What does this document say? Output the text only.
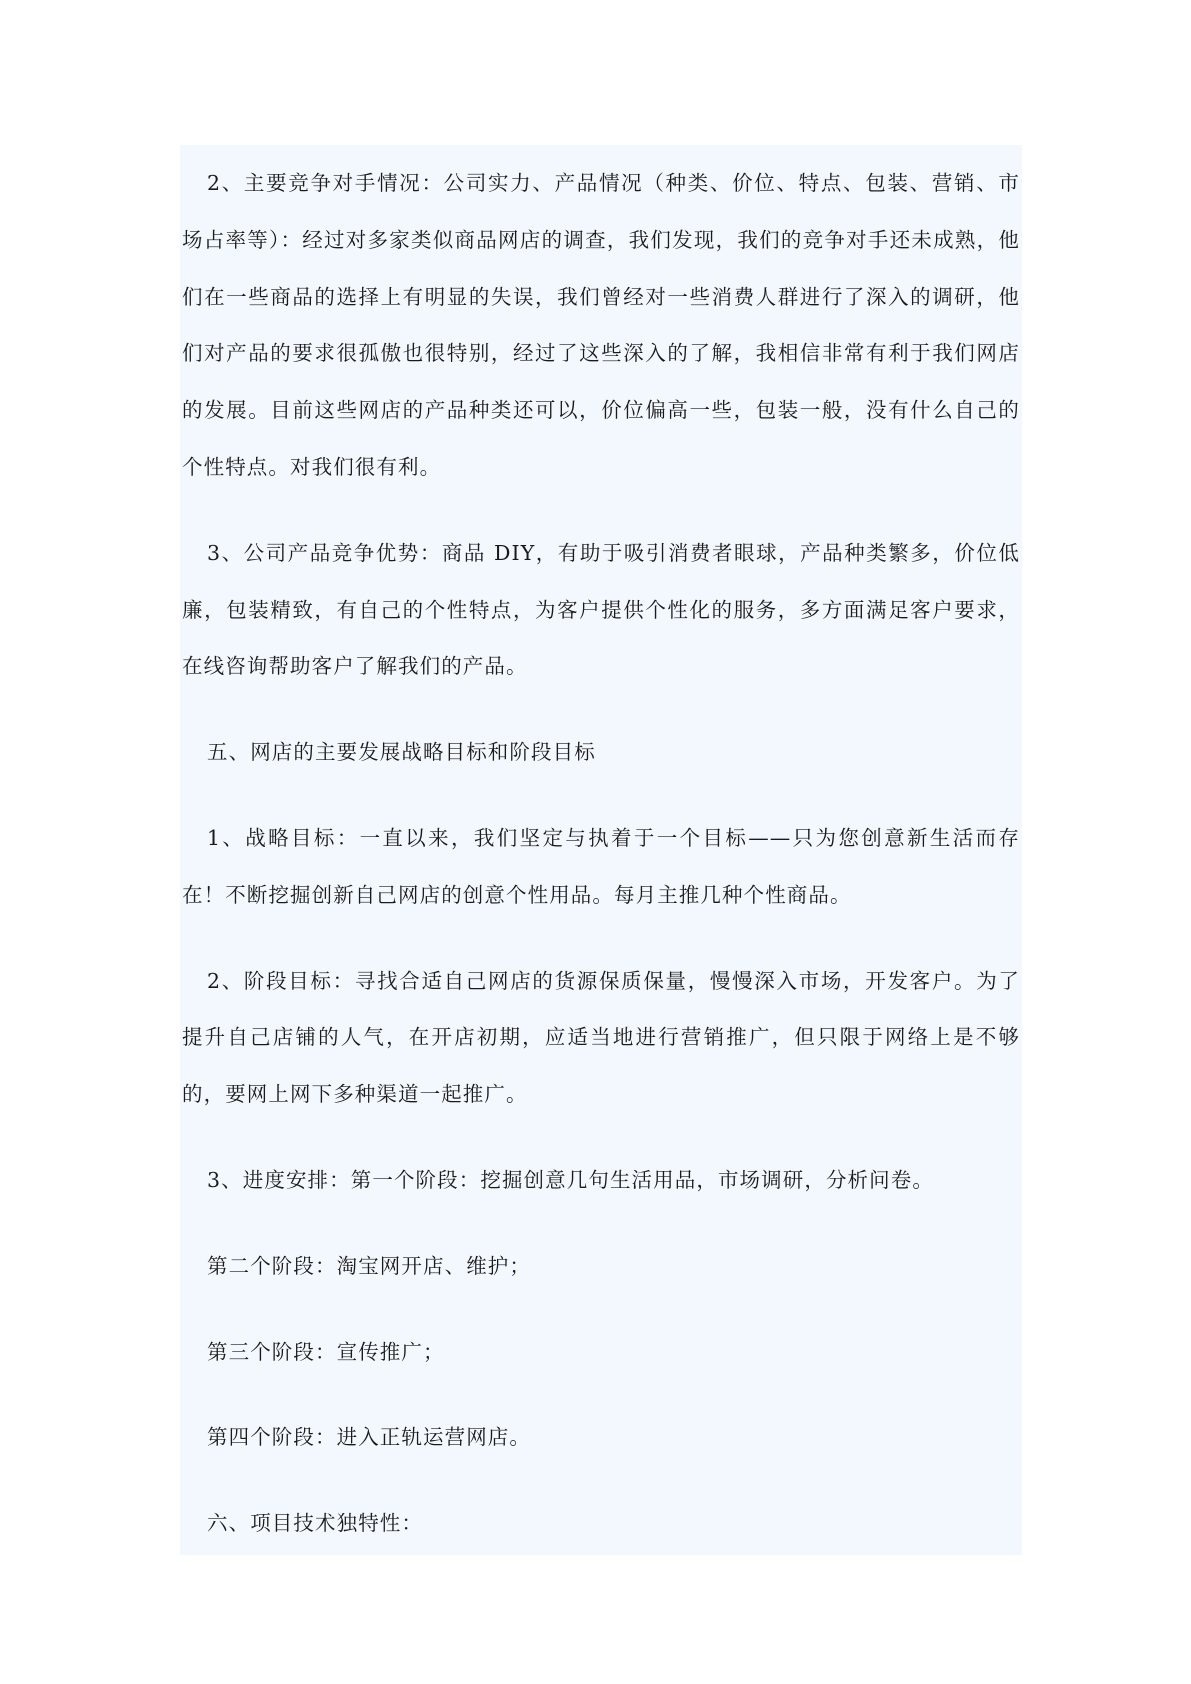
2、主要竞争对手情况：公司实力、产品情况（种类、价位、特点、包装、营销、市场占率等）：经过对多家类似商品网店的调查，我们发现，我们的竞争对手还未成熟，他们在一些商品的选择上有明显的失误，我们曾经对一些消费人群进行了深入的调研，他们对产品的要求很孤傲也很特别，经过了这些深入的了解，我相信非常有利于我们网店的发展。目前这些网店的产品种类还可以，价位偏高一些，包装一般，没有什么自己的个性特点。对我们很有利。

3、公司产品竞争优势：商品 DIY，有助于吸引消费者眼球，产品种类繁多，价位低廉，包装精致，有自己的个性特点，为客户提供个性化的服务，多方面满足客户要求，在线咨询帮助客户了解我们的产品。

五、网店的主要发展战略目标和阶段目标

1、战略目标：一直以来，我们坚定与执着于一个目标——只为您创意新生活而存在！不断挖掘创新自己网店的创意个性用品。每月主推几种个性商品。

2、阶段目标：寻找合适自己网店的货源保质保量，慢慢深入市场，开发客户。为了提升自己店铺的人气，在开店初期，应适当地进行营销推广，但只限于网络上是不够的，要网上网下多种渠道一起推广。

3、进度安排：第一个阶段：挖掘创意几句生活用品，市场调研，分析问卷。

第二个阶段：淘宝网开店、维护；

第三个阶段：宣传推广；

第四个阶段：进入正轨运营网店。

六、项目技术独特性：
